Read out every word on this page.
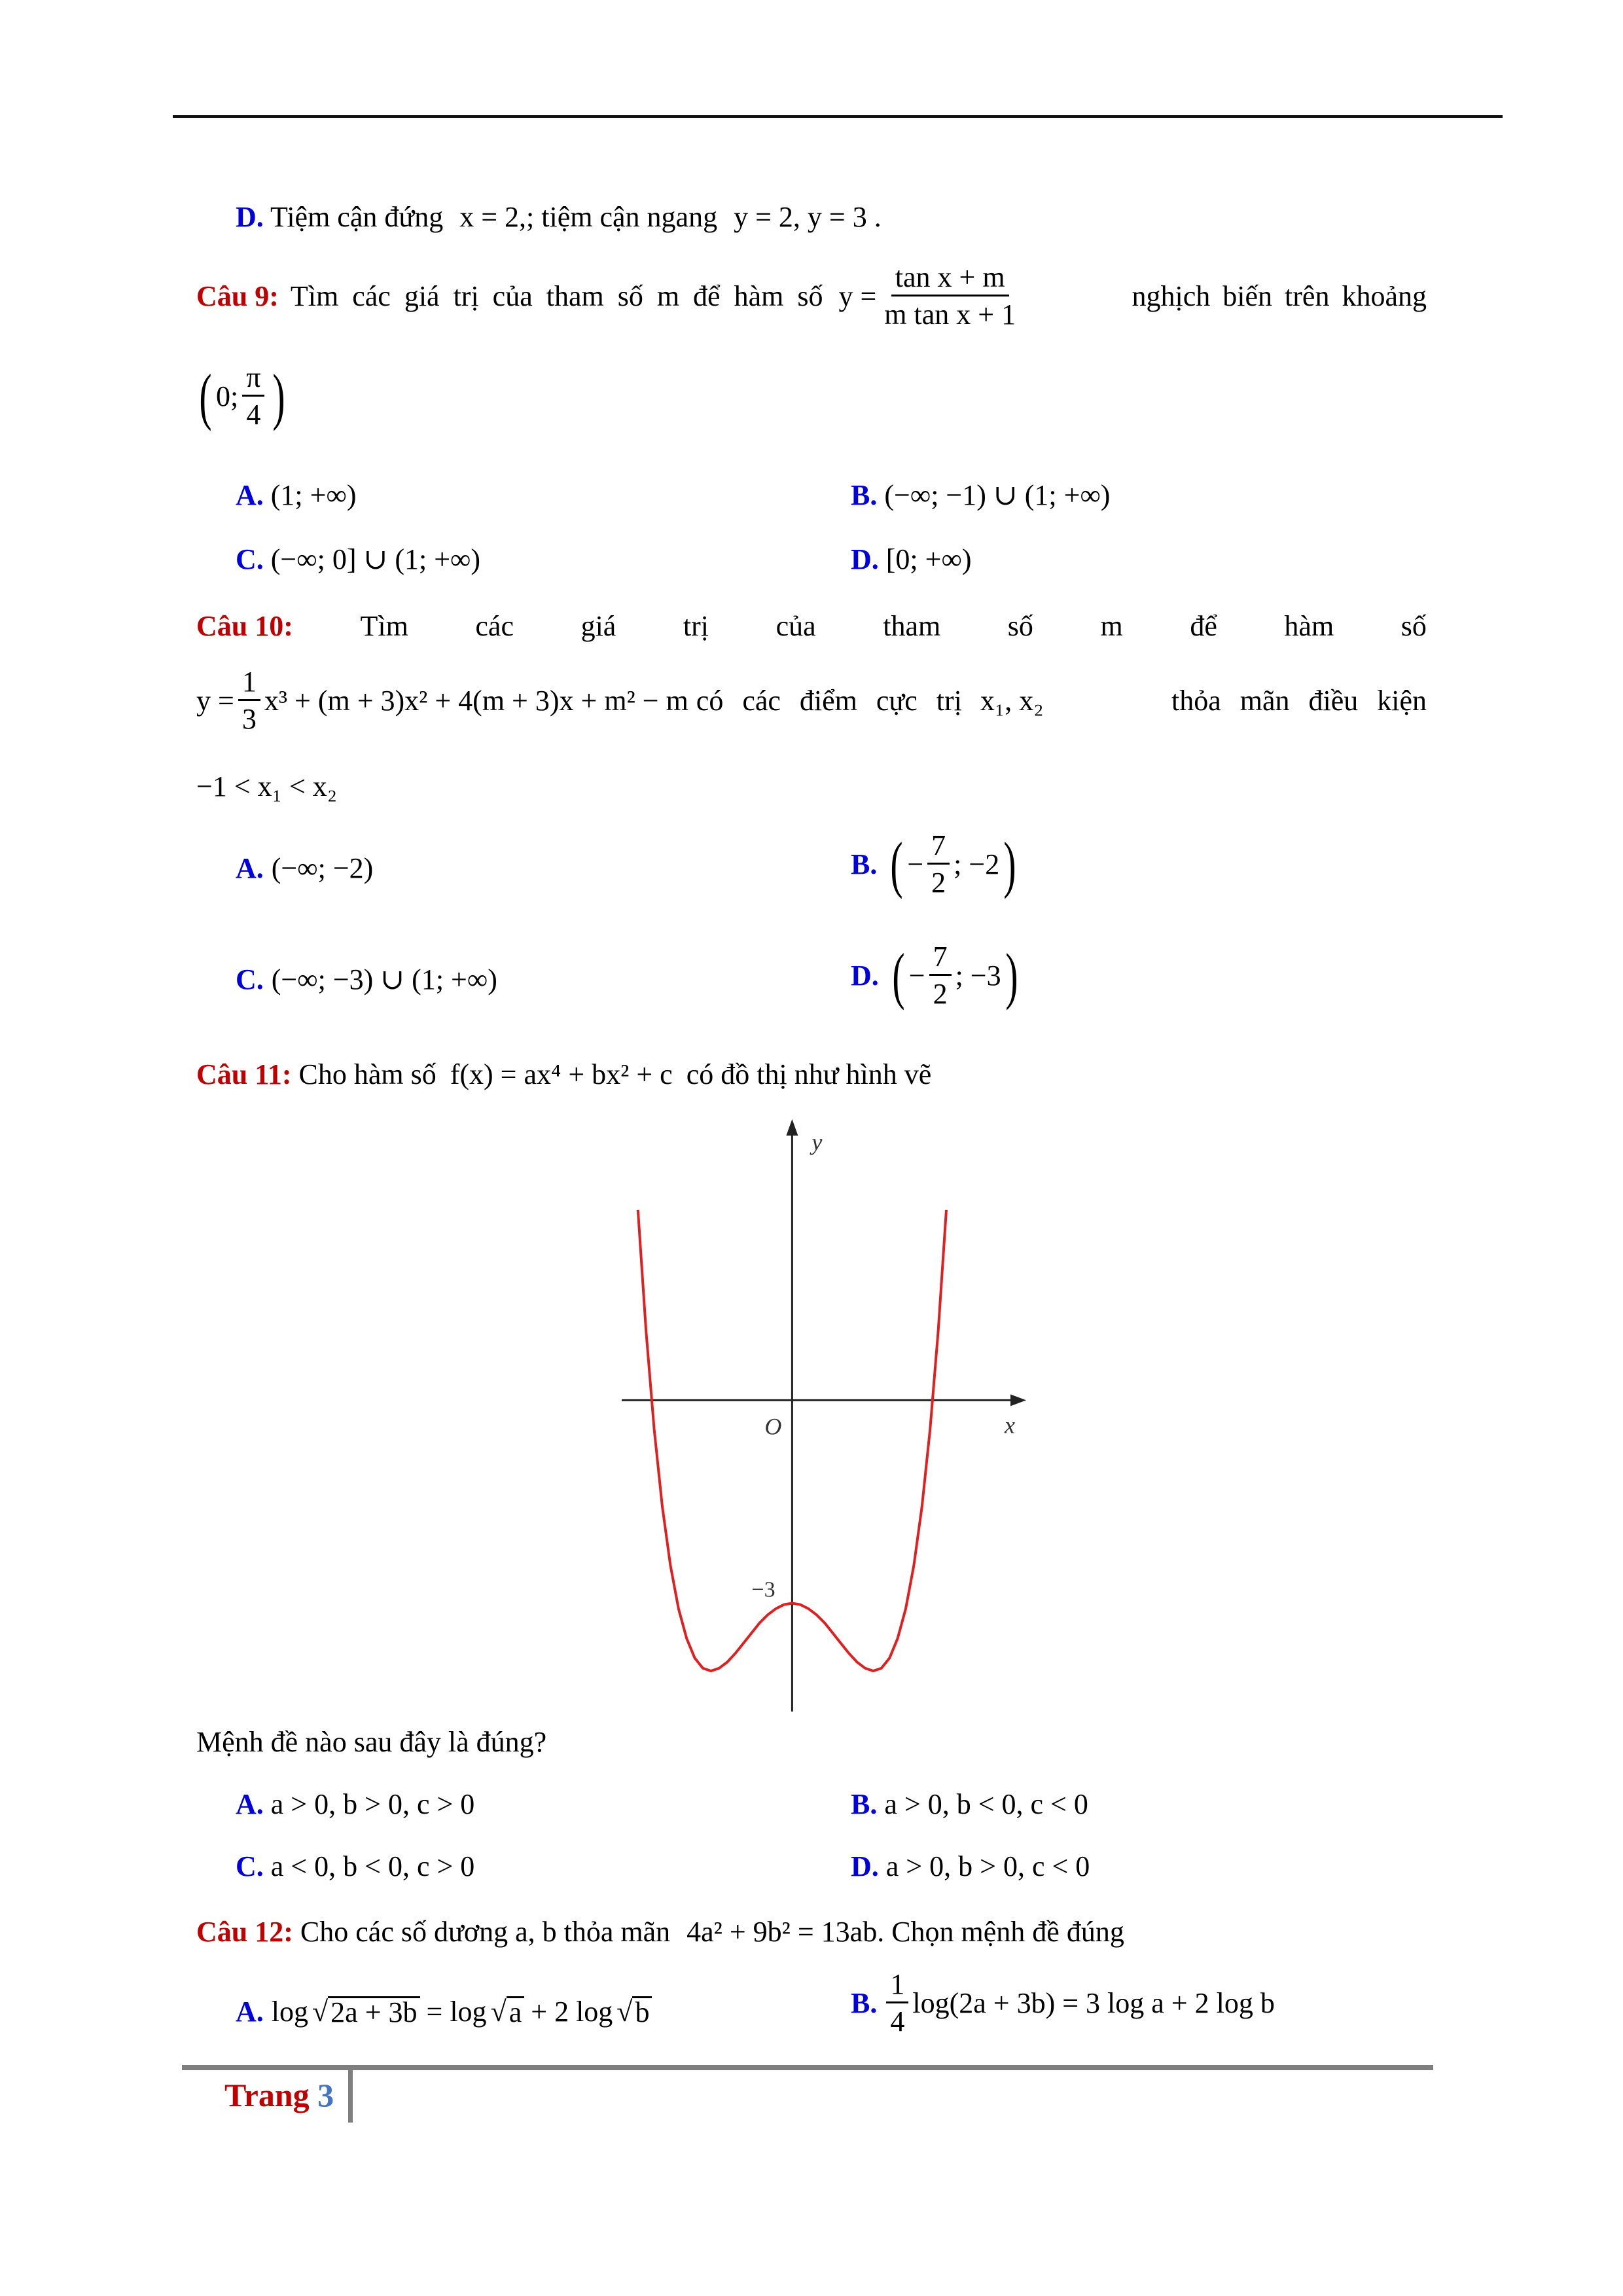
D. Tiệm cận đứng x = 2,; tiệm cận ngang y = 2, y = 3 .
Câu 9: Tìm các giá trị của tham số m để hàm số $y = \frac{\text{tan x + m}}{\text{m tan x + 1}}$	nghịch biến trên khoảng
( 0; $\frac{\pi}{4}$ )
A. (1; +∞)	B. (−∞; −1) ∪ (1; +∞)
C. (−∞; 0] ∪ (1; +∞)	D. [0; +∞)
Câu 10: Tìm các giá trị của tham số m để hàm số
$y = \frac{1}{3} x^3 + (m + 3)x^2 + 4(m + 3)x + m^2 - m$ có các điểm cực trị x₁, x₂	thỏa mãn điều kiện
−1 < x₁ < x₂
A. (−∞; −2)	B. ( − $\frac{7}{2}$ ; −2 )
C. (−∞; −3) ∪ (1; +∞)	D. ( − $\frac{7}{2}$ ; −3 )
Câu 11: Cho hàm số f(x) = ax⁴ + bx² + c có đồ thị như hình vẽ
x
y
O
−3
Mệnh đề nào sau đây là đúng?
A. a > 0, b > 0, c > 0	B. a > 0, b < 0, c < 0
C. a < 0, b < 0, c > 0	D. a > 0, b > 0, c < 0
Câu 12: Cho các số dương a, b thỏa mãn 4a² + 9b² = 13ab. Chọn mệnh đề đúng
A. log √ 2a + 3b = log √ a + 2 log √ b	B. $\frac{1}{4} \log(2a + 3b) = 3$ log a + 2 log b
Trang 3
